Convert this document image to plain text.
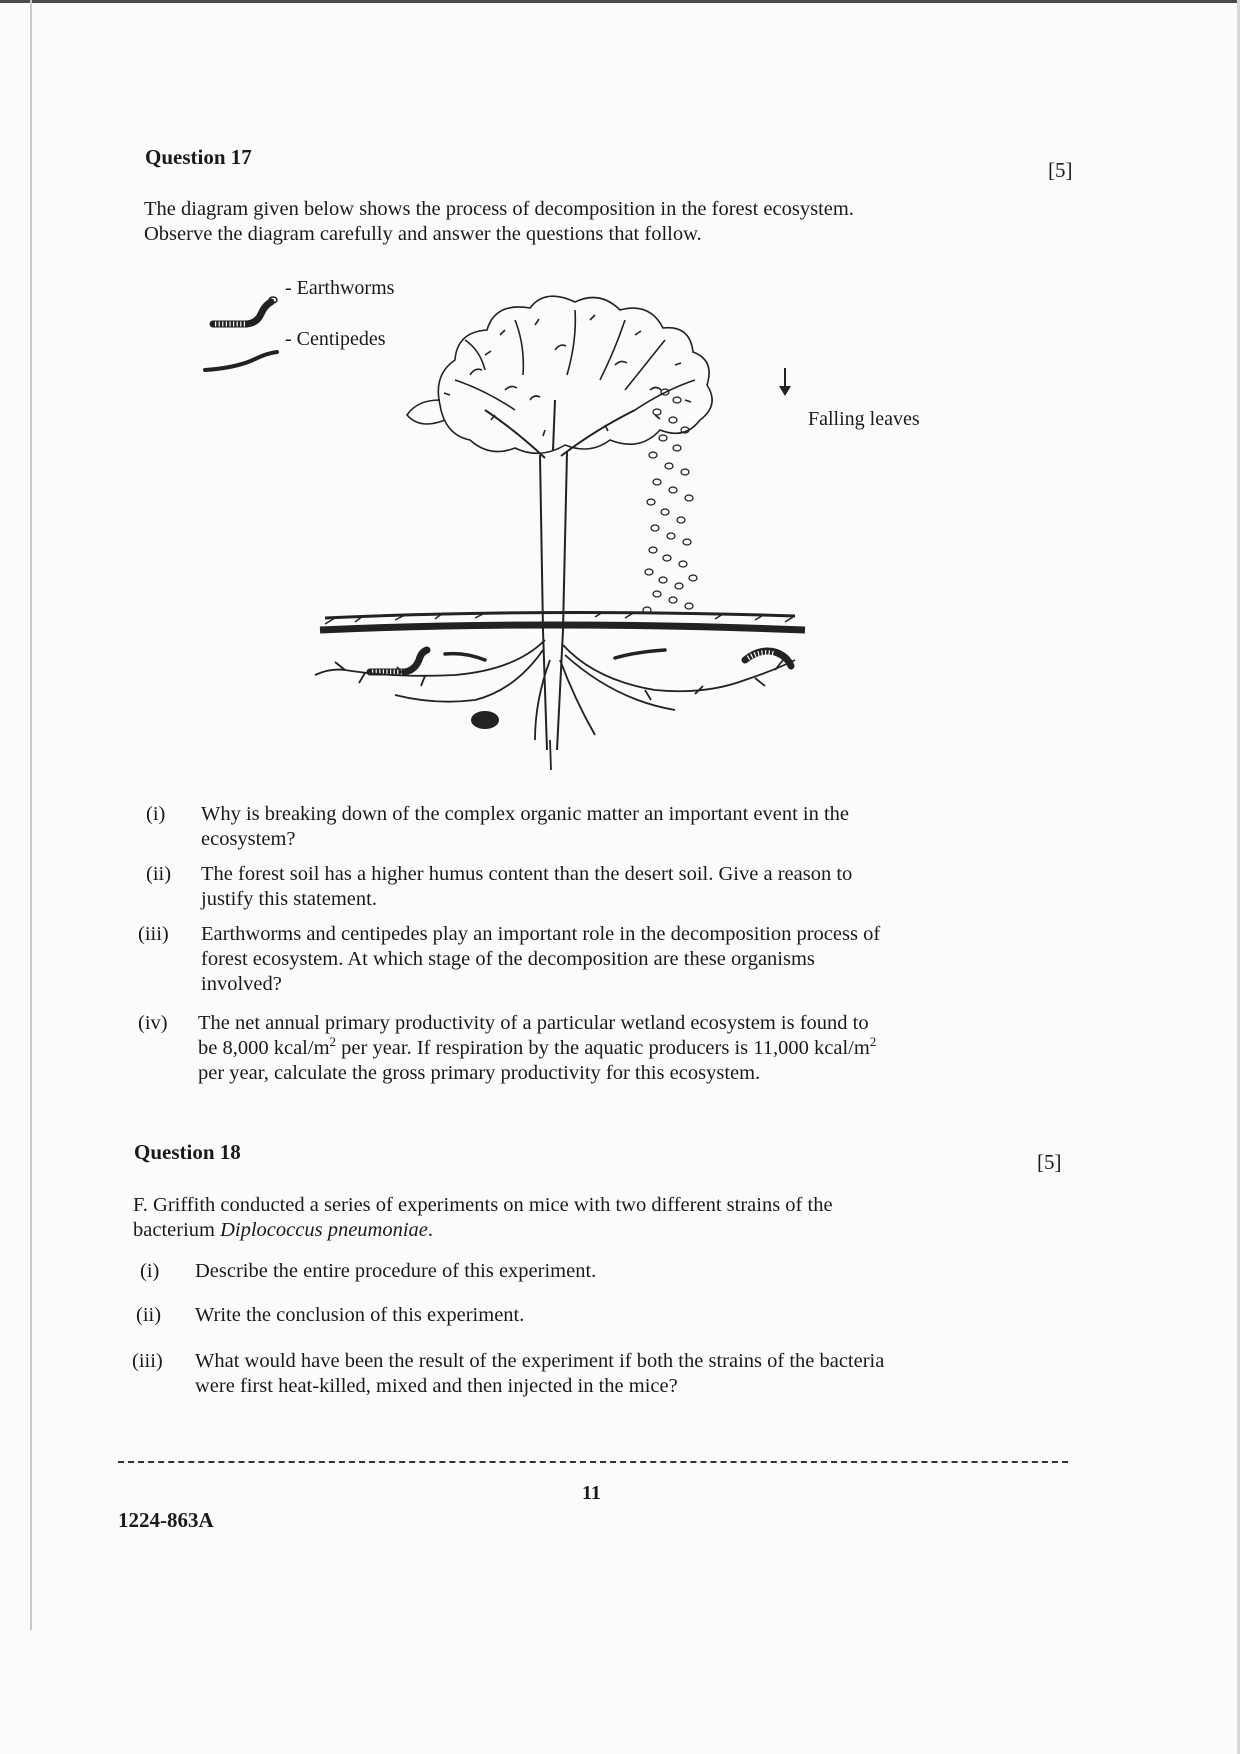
Question 17
[5]
The diagram given below shows the process of decomposition in the forest ecosystem.
Observe the diagram carefully and answer the questions that follow.
- Earthworms
- Centipedes
Falling leaves
(i) Why is breaking down of the complex organic matter an important event in the
ecosystem?
(ii) The forest soil has a higher humus content than the desert soil. Give a reason to
justify this statement.
(iii) Earthworms and centipedes play an important role in the decomposition process of
forest ecosystem. At which stage of the decomposition are these organisms
involved?
(iv) The net annual primary productivity of a particular wetland ecosystem is found to
be 8,000 kcal/$m^2$ per year. If respiration by the aquatic producers is 11,000 kcal/$m^2$
per year, calculate the gross primary productivity for this ecosystem.
Question 18	[5]
F. Griffith conducted a series of experiments on mice with two different strains of the
bacterium Diplococcus pneumoniae.
(i) Describe the entire procedure of this experiment.
(ii) Write the conclusion of this experiment.
(iii) What would have been the result of the experiment if both the strains of the bacteria
were first heat-killed, mixed and then injected in the mice?
11
1224-863A
